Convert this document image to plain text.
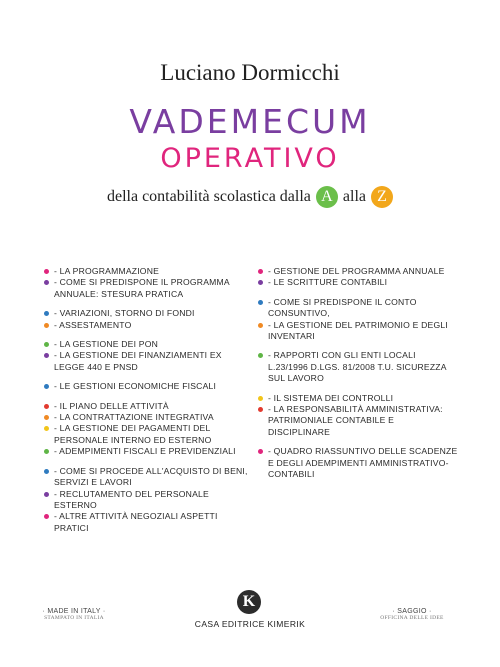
Luciano Dormicchi
VADEMECUM
OPERATIVO
della contabilità scolastica dalla A alla Z
- LA PROGRAMMAZIONE
- COME SI PREDISPONE IL PROGRAMMA ANNUALE: STESURA PRATICA
- VARIAZIONI, STORNO DI FONDI
- ASSESTAMENTO
- LA GESTIONE DEI PON
- LA GESTIONE DEI FINANZIAMENTI EX LEGGE 440 E PNSD
- LE GESTIONI ECONOMICHE FISCALI
- IL PIANO DELLE ATTIVITÀ
- LA CONTRATTAZIONE INTEGRATIVA
- LA GESTIONE DEI PAGAMENTI DEL PERSONALE INTERNO ED ESTERNO
- ADEMPIMENTI FISCALI E PREVIDENZIALI
- COME SI PROCEDE ALL'ACQUISTO DI BENI, SERVIZI E LAVORI
- RECLUTAMENTO DEL PERSONALE ESTERNO
- ALTRE ATTIVITÀ NEGOZIALI ASPETTI PRATICI
- GESTIONE DEL PROGRAMMA ANNUALE
- LE SCRITTURE CONTABILI
- COME SI PREDISPONE IL CONTO CONSUNTIVO,
- LA GESTIONE DEL PATRIMONIO E DEGLI INVENTARI
- RAPPORTI CON GLI ENTI LOCALI L.23/1996 D.LGS. 81/2008 T.U. SICUREZZA SUL LAVORO
- IL SISTEMA DEI CONTROLLI
- LA RESPONSABILITÀ AMMINISTRATIVA: PATRIMONIALE CONTABILE E DISCIPLINARE
- QUADRO RIASSUNTIVO DELLE SCADENZE E DEGLI ADEMPIMENTI AMMINISTRATIVO-CONTABILI
· MADE IN ITALY ·
STAMPATO IN ITALIA
K
CASA EDITRICE KIMERIK
· SAGGIO ·
OFFICINA DELLE IDEE
